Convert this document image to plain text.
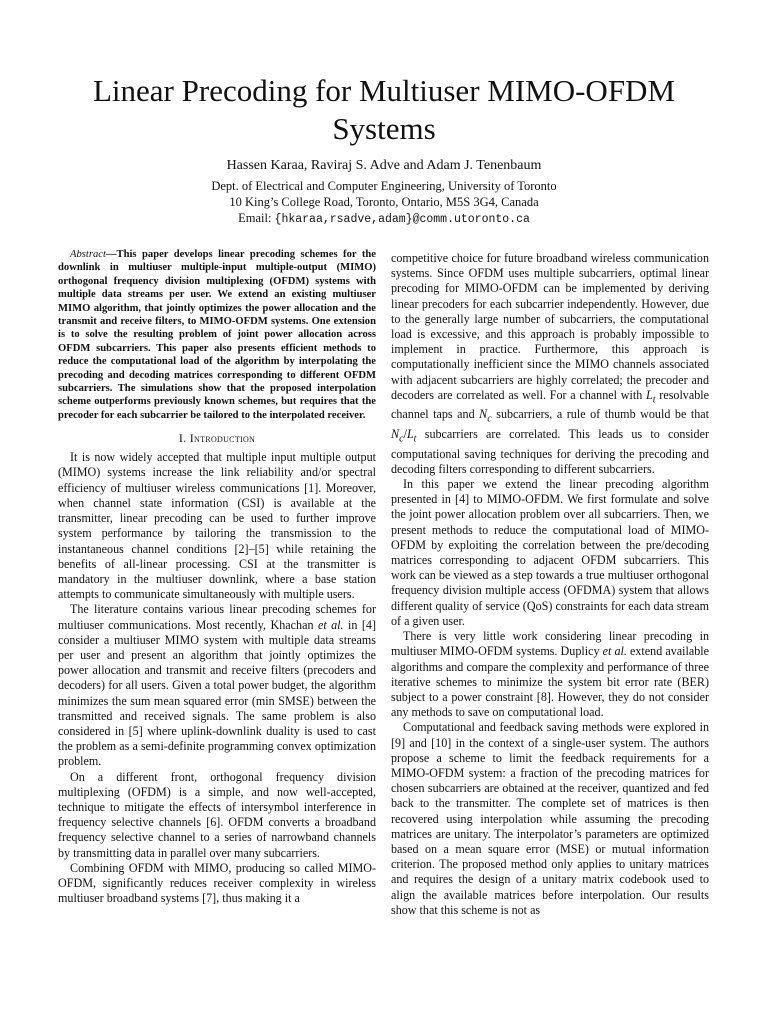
Linear Precoding for Multiuser MIMO-OFDM Systems
Hassen Karaa, Raviraj S. Adve and Adam J. Tenenbaum
Dept. of Electrical and Computer Engineering, University of Toronto
10 King’s College Road, Toronto, Ontario, M5S 3G4, Canada
Email: {hkaraa,rsadve,adam}@comm.utoronto.ca

Abstract—This paper develops linear precoding schemes for the downlink in multiuser multiple-input multiple-output (MIMO) orthogonal frequency division multiplexing (OFDM) systems with multiple data streams per user. We extend an existing multiuser MIMO algorithm, that jointly optimizes the power allocation and the transmit and receive filters, to MIMO-OFDM systems. One extension is to solve the resulting problem of joint power allocation across OFDM subcarriers. This paper also presents efficient methods to reduce the computational load of the algorithm by interpolating the precoding and decoding matrices corresponding to different OFDM subcarriers. The simulations show that the proposed interpolation scheme outperforms previously known schemes, but requires that the precoder for each subcarrier be tailored to the interpolated receiver.

I. Introduction

It is now widely accepted that multiple input multiple output (MIMO) systems increase the link reliability and/or spectral efficiency of multiuser wireless communications [1]. Moreover, when channel state information (CSI) is available at the transmitter, linear precoding can be used to further improve system performance by tailoring the transmission to the instantaneous channel conditions [2]–[5] while retaining the benefits of all-linear processing. CSI at the transmitter is mandatory in the multiuser downlink, where a base station attempts to communicate simultaneously with multiple users.

The literature contains various linear precoding schemes for multiuser communications. Most recently, Khachan et al. in [4] consider a multiuser MIMO system with multiple data streams per user and present an algorithm that jointly optimizes the power allocation and transmit and receive filters (precoders and decoders) for all users. Given a total power budget, the algorithm minimizes the sum mean squared error (min SMSE) between the transmitted and received signals. The same problem is also considered in [5] where uplink-downlink duality is used to cast the problem as a semi-definite programming convex optimization problem.

On a different front, orthogonal frequency division multiplexing (OFDM) is a simple, and now well-accepted, technique to mitigate the effects of intersymbol interference in frequency selective channels [6]. OFDM converts a broadband frequency selective channel to a series of narrowband channels by transmitting data in parallel over many subcarriers.

Combining OFDM with MIMO, producing so called MIMO-OFDM, significantly reduces receiver complexity in wireless multiuser broadband systems [7], thus making it a

competitive choice for future broadband wireless communication systems. Since OFDM uses multiple subcarriers, optimal linear precoding for MIMO-OFDM can be implemented by deriving linear precoders for each subcarrier independently. However, due to the generally large number of subcarriers, the computational load is excessive, and this approach is probably impossible to implement in practice. Furthermore, this approach is computationally inefficient since the MIMO channels associated with adjacent subcarriers are highly correlated; the precoder and decoders are correlated as well. For a channel with $L_t$ resolvable channel taps and $N_c$ subcarriers, a rule of thumb would be that $N_c/L_t$ subcarriers are correlated. This leads us to consider computational saving techniques for deriving the precoding and decoding filters corresponding to different subcarriers.

In this paper we extend the linear precoding algorithm presented in [4] to MIMO-OFDM. We first formulate and solve the joint power allocation problem over all subcarriers. Then, we present methods to reduce the computational load of MIMO-OFDM by exploiting the correlation between the pre/decoding matrices corresponding to adjacent OFDM subcarriers. This work can be viewed as a step towards a true multiuser orthogonal frequency division multiple access (OFDMA) system that allows different quality of service (QoS) constraints for each data stream of a given user.

There is very little work considering linear precoding in multiuser MIMO-OFDM systems. Duplicy et al. extend available algorithms and compare the complexity and performance of three iterative schemes to minimize the system bit error rate (BER) subject to a power constraint [8]. However, they do not consider any methods to save on computational load.

Computational and feedback saving methods were explored in [9] and [10] in the context of a single-user system. The authors propose a scheme to limit the feedback requirements for a MIMO-OFDM system: a fraction of the precoding matrices for chosen subcarriers are obtained at the receiver, quantized and fed back to the transmitter. The complete set of matrices is then recovered using interpolation while assuming the precoding matrices are unitary. The interpolator’s parameters are optimized based on a mean square error (MSE) or mutual information criterion. The proposed method only applies to unitary matrices and requires the design of a unitary matrix codebook used to align the available matrices before interpolation. Our results show that this scheme is not as
